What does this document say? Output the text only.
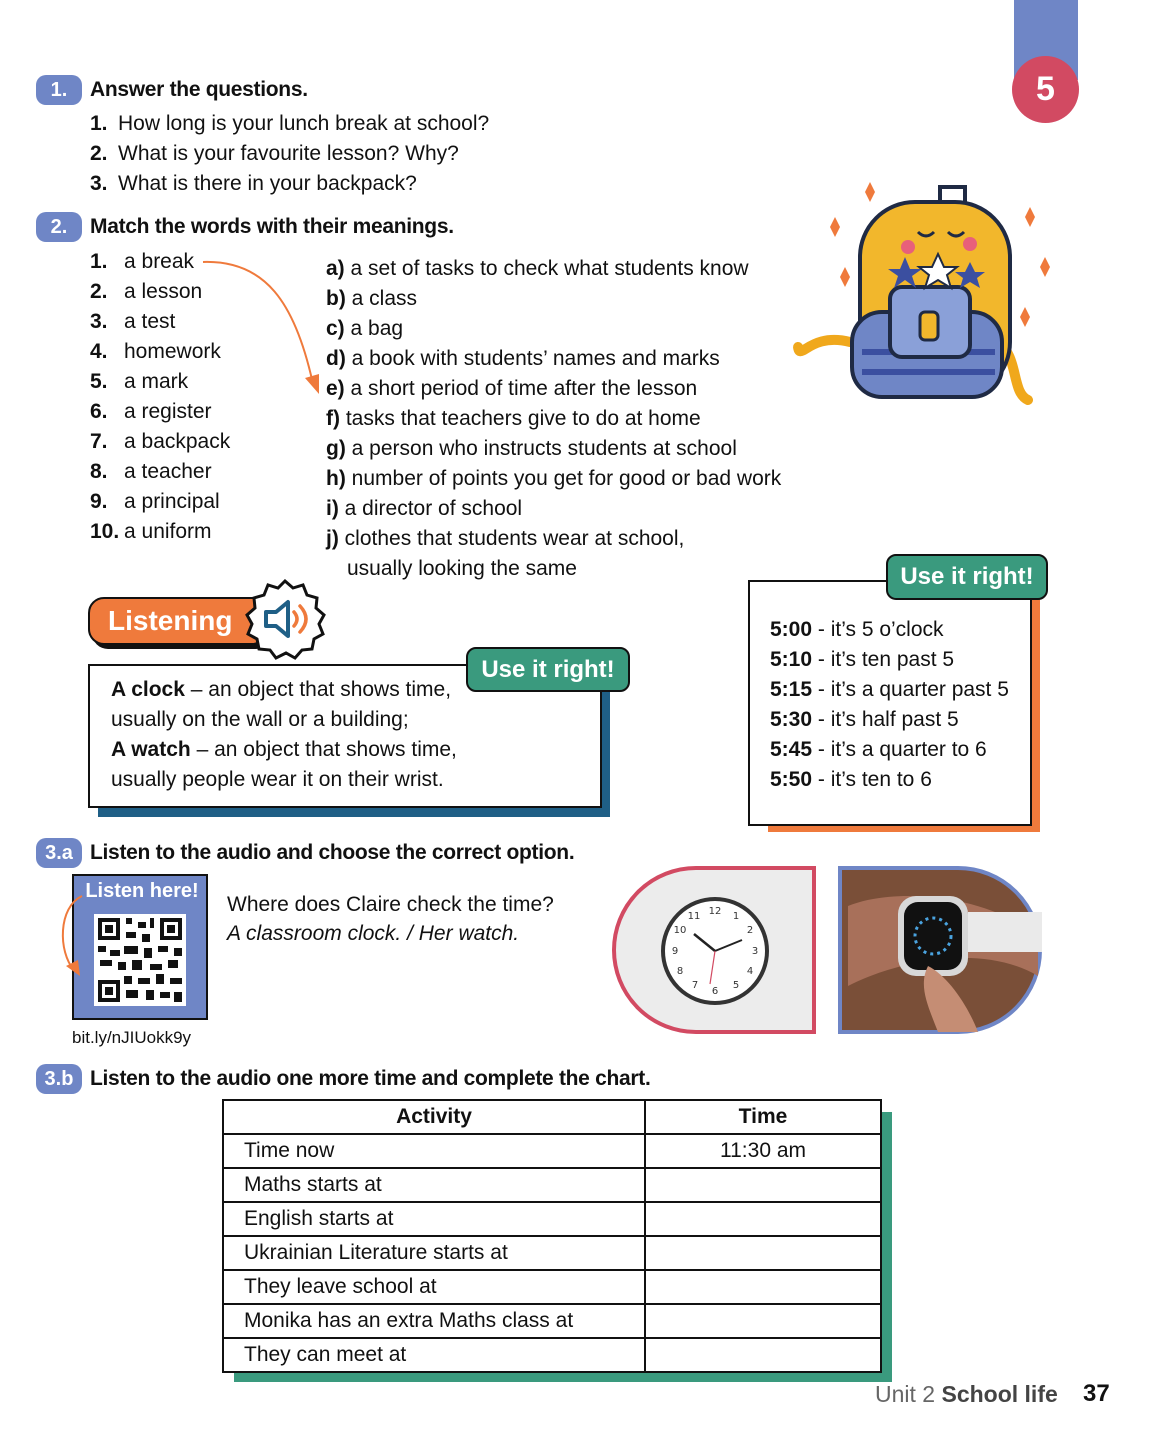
5
1.	Answer the questions.
1. How long is your lunch break at school?
2. What is your favourite lesson? Why?
3. What is there in your backpack?
2.	Match the words with their meanings.
1. a break
2. a lesson
3. a test
4. homework
5. a mark
6. a register
7. a backpack
8. a teacher
9. a principal
10. a uniform
a) a set of tasks to check what students know
b) a class
c) a bag
d) a book with students’ names and marks
e) a short period of time after the lesson
f) tasks that teachers give to do at home
g) a person who instructs students at school
h) number of points you get for good or bad work
i) a director of school
j) clothes that students wear at school,
usually looking the same
Listening
Use it right!
A clock – an object that shows time,
usually on the wall or a building;
A watch – an object that shows time,
usually people wear it on their wrist.
Use it right!
5:00 - it’s 5 o’clock
5:10 - it’s ten past 5
5:15 - it’s a quarter past 5
5:30 - it’s half past 5
5:45 - it’s a quarter to 6
5:50 - it’s ten to 6
3.a Listen to the audio and choose the correct option.
Listen here!
bit.ly/nJIUokk9y
Where does Claire check the time?
A classroom clock. / Her watch.
12 1
2
3
4
5
6
7
8
9
10
11
3.b Listen to the audio one more time and complete the chart.
Activity	Time
Time now	11:30 am
Maths starts at	
English starts at	
Ukrainian Literature starts at	
They leave school at	
Monika has an extra Maths class at	
They can meet at	
Unit 2 School life 37
